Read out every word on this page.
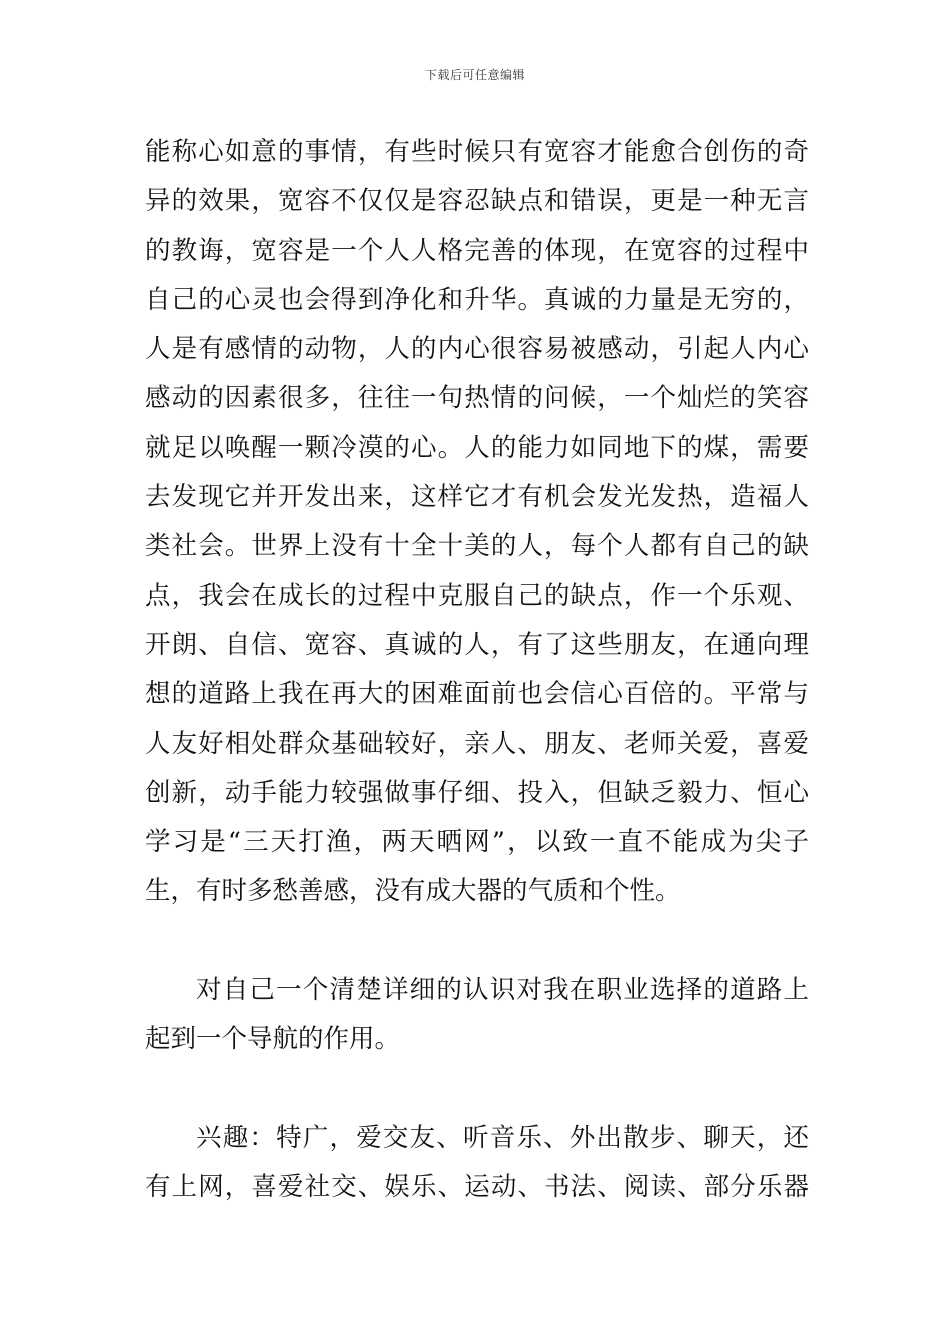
下载后可任意编辑
能称心如意的事情，有些时候只有宽容才能愈合创伤的奇
异的效果，宽容不仅仅是容忍缺点和错误，更是一种无言
的教诲，宽容是一个人人格完善的体现，在宽容的过程中
自己的心灵也会得到净化和升华。真诚的力量是无穷的，
人是有感情的动物，人的内心很容易被感动，引起人内心
感动的因素很多，往往一句热情的问候，一个灿烂的笑容
就足以唤醒一颗冷漠的心。人的能力如同地下的煤，需要
去发现它并开发出来，这样它才有机会发光发热，造福人
类社会。世界上没有十全十美的人，每个人都有自己的缺
点，我会在成长的过程中克服自己的缺点，作一个乐观、
开朗、自信、宽容、真诚的人，有了这些朋友，在通向理
想的道路上我在再大的困难面前也会信心百倍的。平常与
人友好相处群众基础较好，亲人、朋友、老师关爱，喜爱
创新，动手能力较强做事仔细、投入，但缺乏毅力、恒心
学习是“三天打渔，两天晒网”，以致一直不能成为尖子
生，有时多愁善感，没有成大器的气质和个性。
对自己一个清楚详细的认识对我在职业选择的道路上
起到一个导航的作用。
兴趣：特广，爱交友、听音乐、外出散步、聊天，还
有上网，喜爱社交、娱乐、运动、书法、阅读、部分乐器
